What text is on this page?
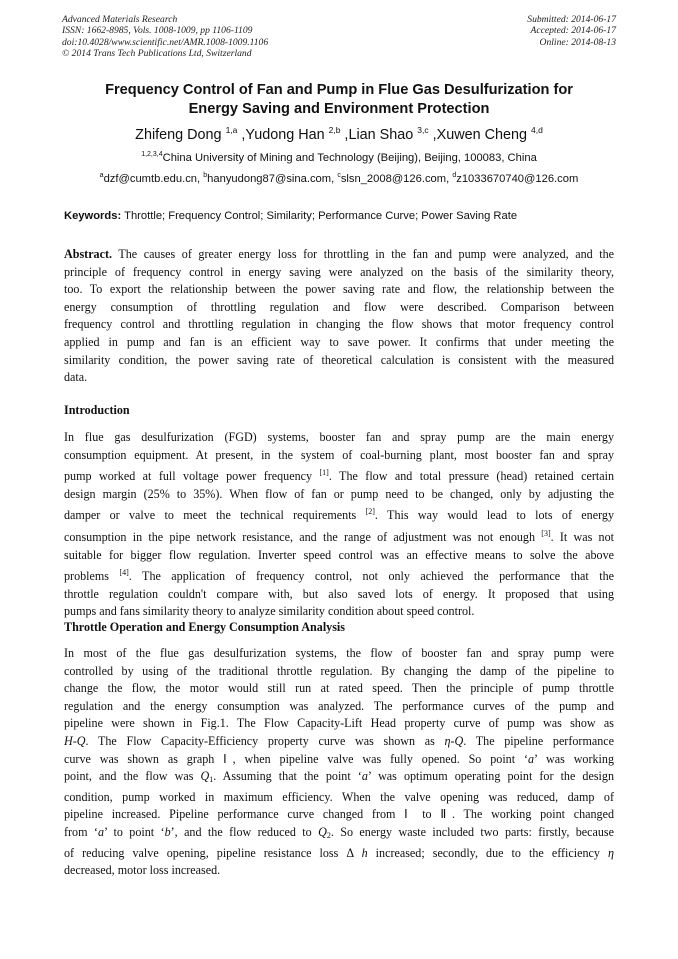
Advanced Materials Research
ISSN: 1662-8985, Vols. 1008-1009, pp 1106-1109
doi:10.4028/www.scientific.net/AMR.1008-1009.1106
© 2014 Trans Tech Publications Ltd, Switzerland
Submitted: 2014-06-17
Accepted: 2014-06-17
Online: 2014-08-13
Frequency Control of Fan and Pump in Flue Gas Desulfurization for
Energy Saving and Environment Protection
Zhifeng Dong $^{1,a}$ ,Yudong Han $^{2,b}$ ,Lian Shao $^{3,c}$ ,Xuwen Cheng $^{4,d}$
$^{1,2,3,4}$China University of Mining and Technology (Beijing), Beijing, 100083, China
$^a$dzf@cumtb.edu.cn, $^b$hanyudong87@sina.com, $^c$slsn_2008@126.com, $^d$z1033670740@126.com
Keywords: Throttle; Frequency Control; Similarity; Performance Curve; Power Saving Rate
Abstract. The causes of greater energy loss for throttling in the fan and pump were analyzed, and the
principle of frequency control in energy saving were analyzed on the basis of the similarity theory,
too. To export the relationship between the power saving rate and flow, the relationship between the
energy consumption of throttling regulation and flow were described. Comparison between
frequency control and throttling regulation in changing the flow shows that motor frequency control
applied in pump and fan is an efficient way to save power. It confirms that under meeting the
similarity condition, the power saving rate of theoretical calculation is consistent with the measured
data.
Introduction
In flue gas desulfurization (FGD) systems, booster fan and spray pump are the main energy
consumption equipment. At present, in the system of coal-burning plant, most booster fan and spray
pump worked at full voltage power frequency [1]. The flow and total pressure (head) retained certain
design margin (25% to 35%). When flow of fan or pump need to be changed, only by adjusting the
damper or valve to meet the technical requirements [2]. This way would lead to lots of energy
consumption in the pipe network resistance, and the range of adjustment was not enough [3]. It was not
suitable for bigger flow regulation. Inverter speed control was an effective means to solve the above
problems [4]. The application of frequency control, not only achieved the performance that the
throttle regulation couldn't compare with, but also saved lots of energy. It proposed that using
pumps and fans similarity theory to analyze similarity condition about speed control.
Throttle Operation and Energy Consumption Analysis
In most of the flue gas desulfurization systems, the flow of booster fan and spray pump were
controlled by using of the traditional throttle regulation. By changing the damp of the pipeline to
change the flow, the motor would still run at rated speed. Then the principle of pump throttle
regulation and the energy consumption was analyzed. The performance curves of the pump and
pipeline were shown in Fig.1. The Flow Capacity-Lift Head property curve of pump was show as
H-Q. The Flow Capacity-Efficiency property curve was shown as η-Q. The pipeline performance
curve was shown as graph Ⅰ, when pipeline valve was fully opened. So point ‘a’ was working
point, and the flow was $Q_1$. Assuming that the point ‘a’ was optimum operating point for the design
condition, pump worked in maximum efficiency. When the valve opening was reduced, damp of
pipeline increased. Pipeline performance curve changed from Ⅰ to Ⅱ. The working point changed
from ‘a’ to point ‘b’, and the flow reduced to $Q_2$. So energy waste included two parts: firstly, because
of reducing valve opening, pipeline resistance loss Δ h increased; secondly, due to the efficiency η
decreased, motor loss increased.
